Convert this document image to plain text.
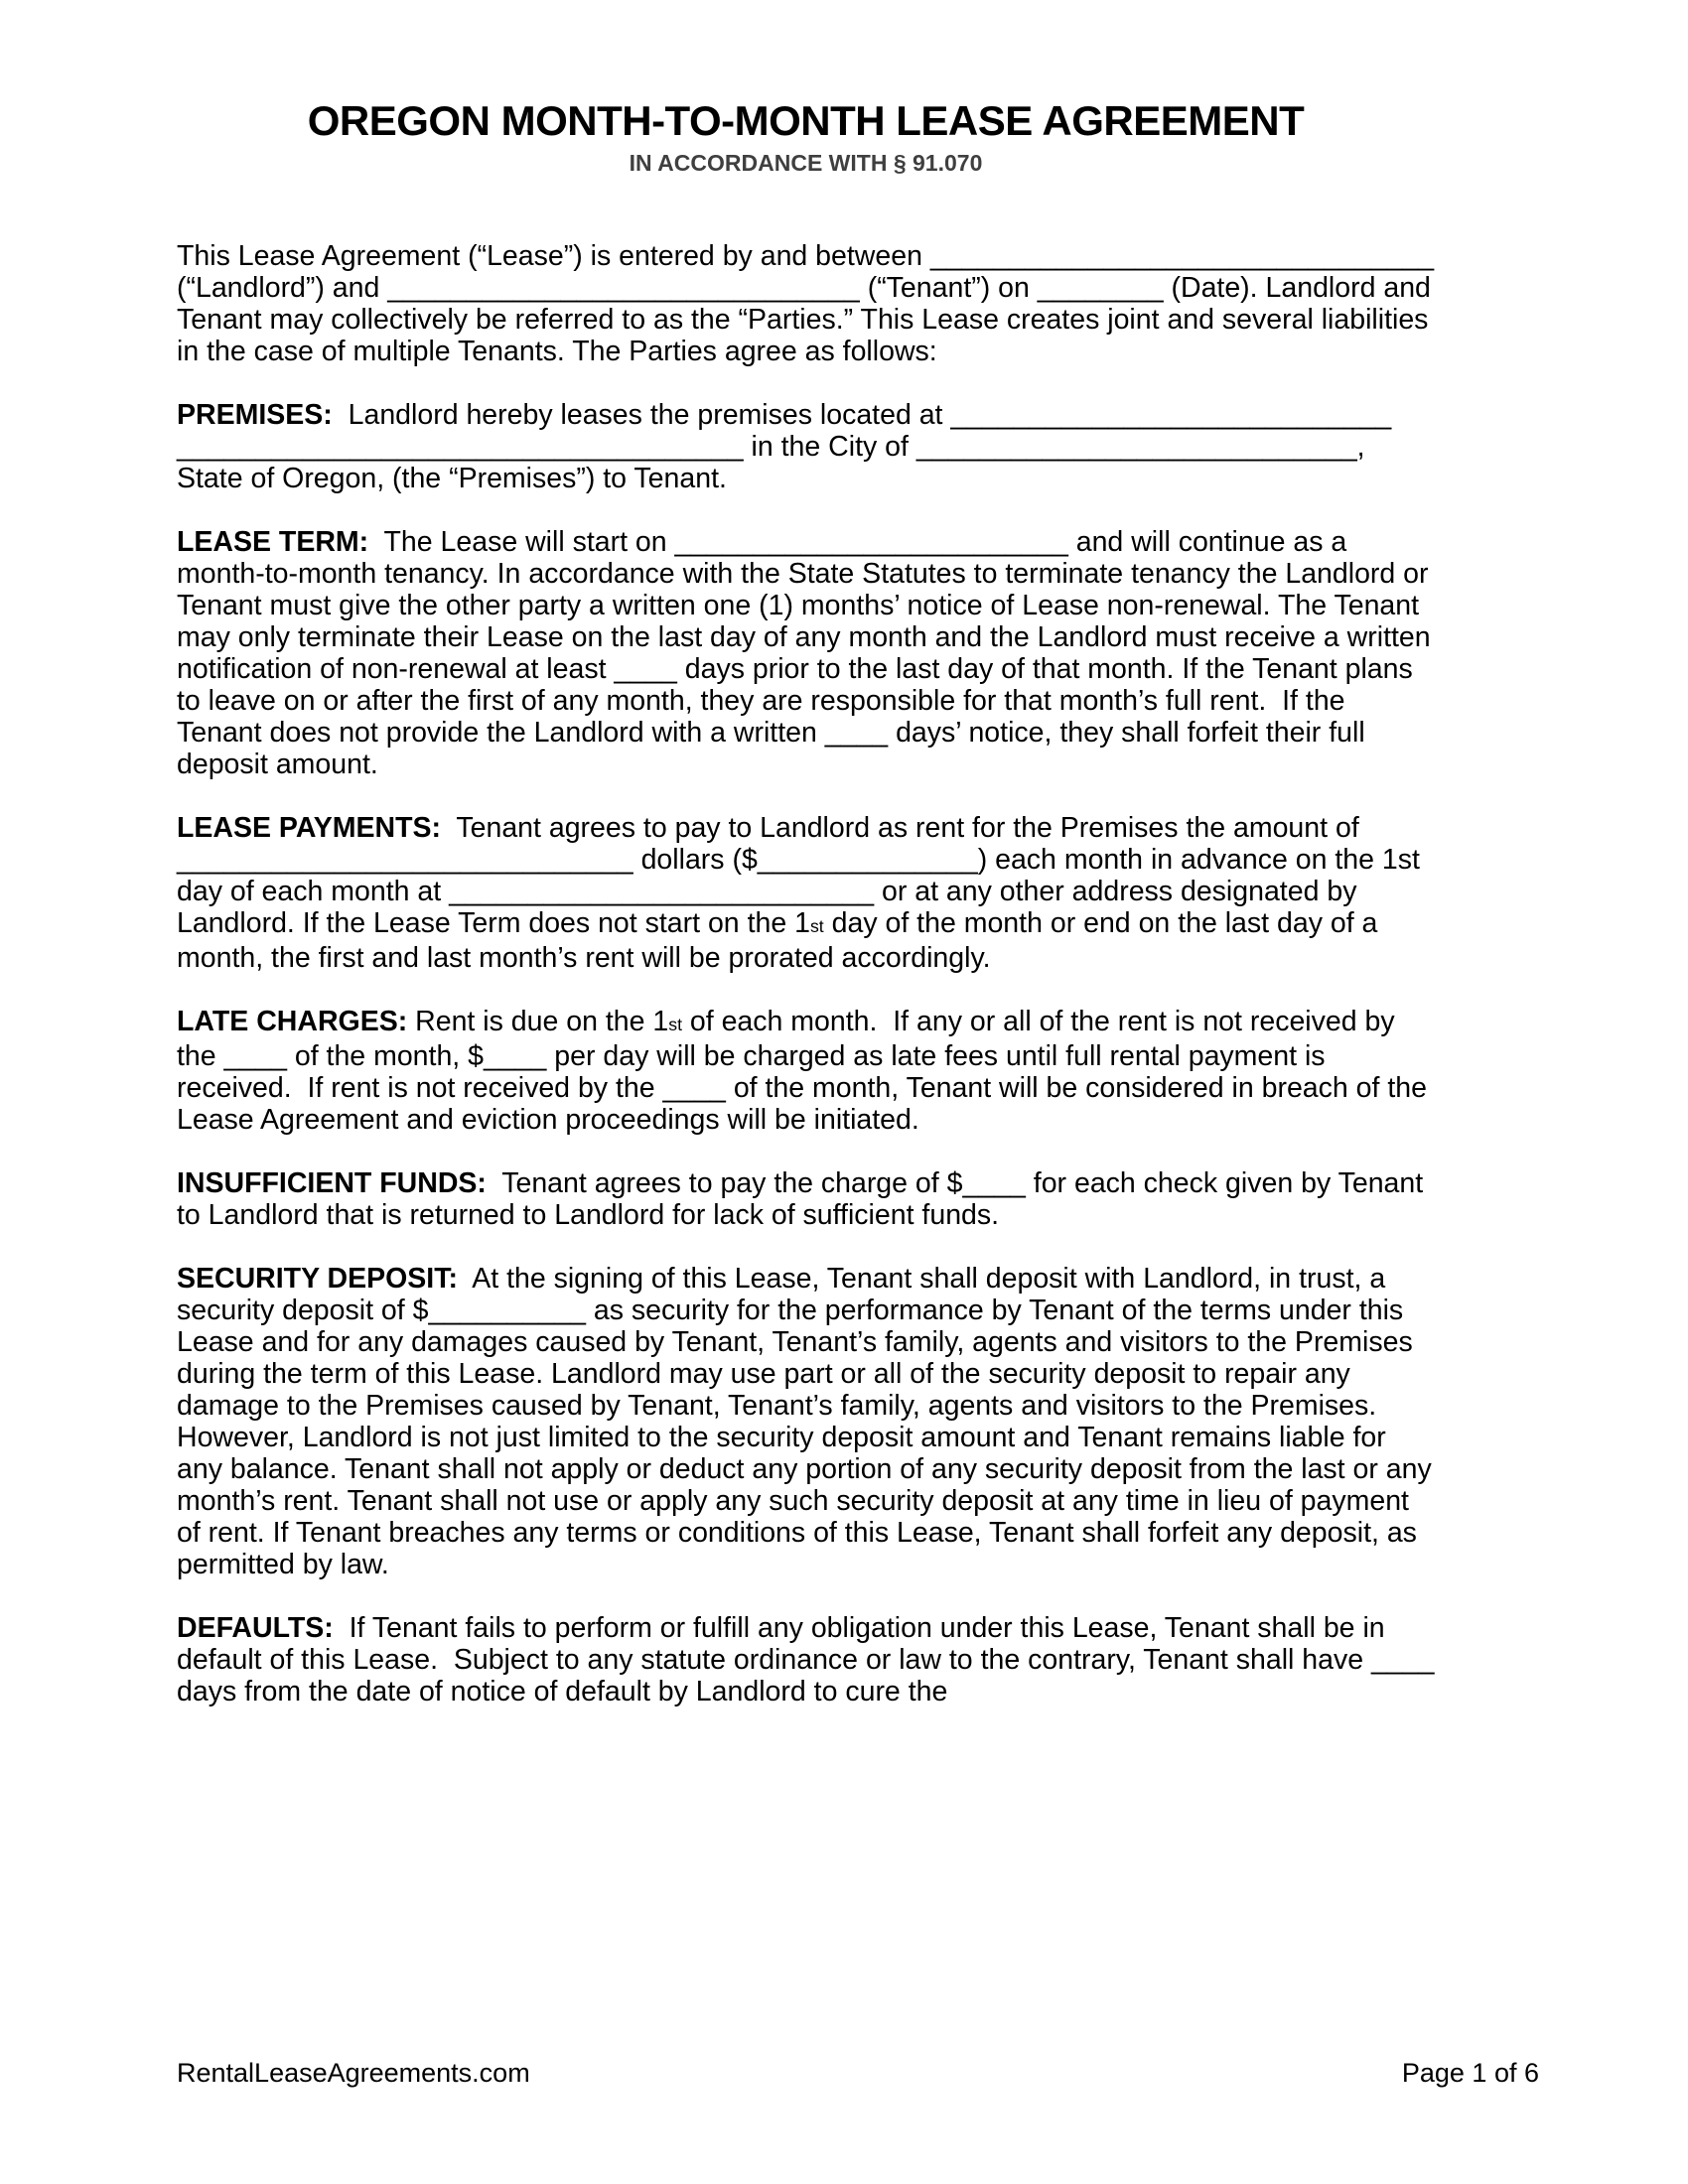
OREGON MONTH-TO-MONTH LEASE AGREEMENT
IN ACCORDANCE WITH § 91.070

This Lease Agreement (“Lease”) is entered by and between ________________________________ (“Landlord”) and ______________________________ (“Tenant”) on ________ (Date). Landlord and Tenant may collectively be referred to as the “Parties.” This Lease creates joint and several liabilities in the case of multiple Tenants. The Parties agree as follows:

PREMISES:  Landlord hereby leases the premises located at ____________________________ ____________________________________ in the City of ____________________________, State of Oregon, (the “Premises”) to Tenant.

LEASE TERM:  The Lease will start on _________________________ and will continue as a month-to-month tenancy. In accordance with the State Statutes to terminate tenancy the Landlord or Tenant must give the other party a written one (1) months’ notice of Lease non-renewal. The Tenant may only terminate their Lease on the last day of any month and the Landlord must receive a written notification of non-renewal at least ____ days prior to the last day of that month. If the Tenant plans to leave on or after the first of any month, they are responsible for that month’s full rent.  If the Tenant does not provide the Landlord with a written ____ days’ notice, they shall forfeit their full deposit amount.

LEASE PAYMENTS:  Tenant agrees to pay to Landlord as rent for the Premises the amount of _____________________________ dollars ($______________) each month in advance on the 1st day of each month at ___________________________ or at any other address designated by Landlord. If the Lease Term does not start on the 1st day of the month or end on the last day of a month, the first and last month’s rent will be prorated accordingly.

LATE CHARGES: Rent is due on the 1st of each month.  If any or all of the rent is not received by the ____ of the month, $____ per day will be charged as late fees until full rental payment is received.  If rent is not received by the ____ of the month, Tenant will be considered in breach of the Lease Agreement and eviction proceedings will be initiated.

INSUFFICIENT FUNDS:  Tenant agrees to pay the charge of $____ for each check given by Tenant to Landlord that is returned to Landlord for lack of sufficient funds.

SECURITY DEPOSIT:  At the signing of this Lease, Tenant shall deposit with Landlord, in trust, a security deposit of $__________ as security for the performance by Tenant of the terms under this Lease and for any damages caused by Tenant, Tenant’s family, agents and visitors to the Premises during the term of this Lease. Landlord may use part or all of the security deposit to repair any damage to the Premises caused by Tenant, Tenant’s family, agents and visitors to the Premises. However, Landlord is not just limited to the security deposit amount and Tenant remains liable for any balance. Tenant shall not apply or deduct any portion of any security deposit from the last or any month’s rent. Tenant shall not use or apply any such security deposit at any time in lieu of payment of rent. If Tenant breaches any terms or conditions of this Lease, Tenant shall forfeit any deposit, as permitted by law.

DEFAULTS:  If Tenant fails to perform or fulfill any obligation under this Lease, Tenant shall be in default of this Lease.  Subject to any statute ordinance or law to the contrary, Tenant shall have ____ days from the date of notice of default by Landlord to cure the

RentalLeaseAgreements.com	Page 1 of 6
